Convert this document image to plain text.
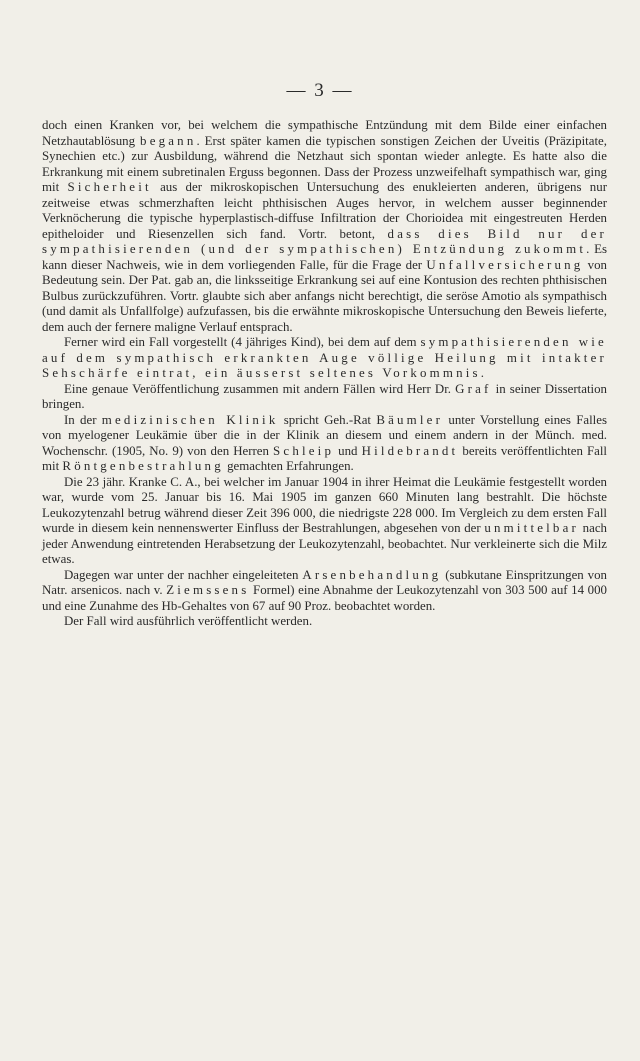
— 3 —

doch einen Kranken vor, bei welchem die sympathische Entzündung mit dem Bilde einer einfachen Netzhautablösung begann. Erst später kamen die typischen sonstigen Zeichen der Uveitis (Präzipitate, Synechien etc.) zur Ausbildung, während die Netzhaut sich spontan wieder anlegte. Es hatte also die Erkrankung mit einem subretinalen Erguss begonnen. Dass der Prozess unzweifelhaft sympathisch war, ging mit Sicherheit aus der mikroskopischen Untersuchung des enukleierten anderen, übrigens nur zeitweise etwas schmerzhaften leicht phthisischen Auges hervor, in welchem ausser beginnender Verknöcherung die typische hyperplastisch-diffuse Infiltration der Chorioidea mit eingestreuten Herden epitheloider und Riesenzellen sich fand. Vortr. betont, dass dies Bild nur der sympathisierenden (und der sympathischen) Entzündung zukommt. Es kann dieser Nachweis, wie in dem vorliegenden Falle, für die Frage der Unfallversicherung von Bedeutung sein. Der Pat. gab an, die linksseitige Erkrankung sei auf eine Kontusion des rechten phthisischen Bulbus zurückzuführen. Vortr. glaubte sich aber anfangs nicht berechtigt, die seröse Amotio als sympathisch (und damit als Unfallfolge) aufzufassen, bis die erwähnte mikroskopische Untersuchung den Beweis lieferte, dem auch der fernere maligne Verlauf entsprach.

Ferner wird ein Fall vorgestellt (4 jähriges Kind), bei dem auf dem sympathisierenden wie auf dem sympathisch erkrankten Auge völlige Heilung mit intakter Sehschärfe eintrat, ein äusserst seltenes Vorkommnis.

Eine genaue Veröffentlichung zusammen mit andern Fällen wird Herr Dr. Graf in seiner Dissertation bringen.

In der medizinischen Klinik spricht Geh.-Rat Bäumler unter Vorstellung eines Falles von myelogener Leukämie über die in der Klinik an diesem und einem andern in der Münch. med. Wochenschr. (1905, No. 9) von den Herren Schleip und Hildebrandt bereits veröffentlichten Fall mit Röntgenbestrahlung gemachten Erfahrungen.

Die 23 jähr. Kranke C. A., bei welcher im Januar 1904 in ihrer Heimat die Leukämie festgestellt worden war, wurde vom 25. Januar bis 16. Mai 1905 im ganzen 660 Minuten lang bestrahlt. Die höchste Leukozytenzahl betrug während dieser Zeit 396 000, die niedrigste 228 000. Im Vergleich zu dem ersten Fall wurde in diesem kein nennenswerter Einfluss der Bestrahlungen, abgesehen von der unmittelbar nach jeder Anwendung eintretenden Herabsetzung der Leukozytenzahl, beobachtet. Nur verkleinerte sich die Milz etwas.

Dagegen war unter der nachher eingeleiteten Arsenbehandlung (subkutane Einspritzungen von Natr. arsenicos. nach v. Ziemssens Formel) eine Abnahme der Leukozytenzahl von 303 500 auf 14 000 und eine Zunahme des Hb-Gehaltes von 67 auf 90 Proz. beobachtet worden.

Der Fall wird ausführlich veröffentlicht werden.
